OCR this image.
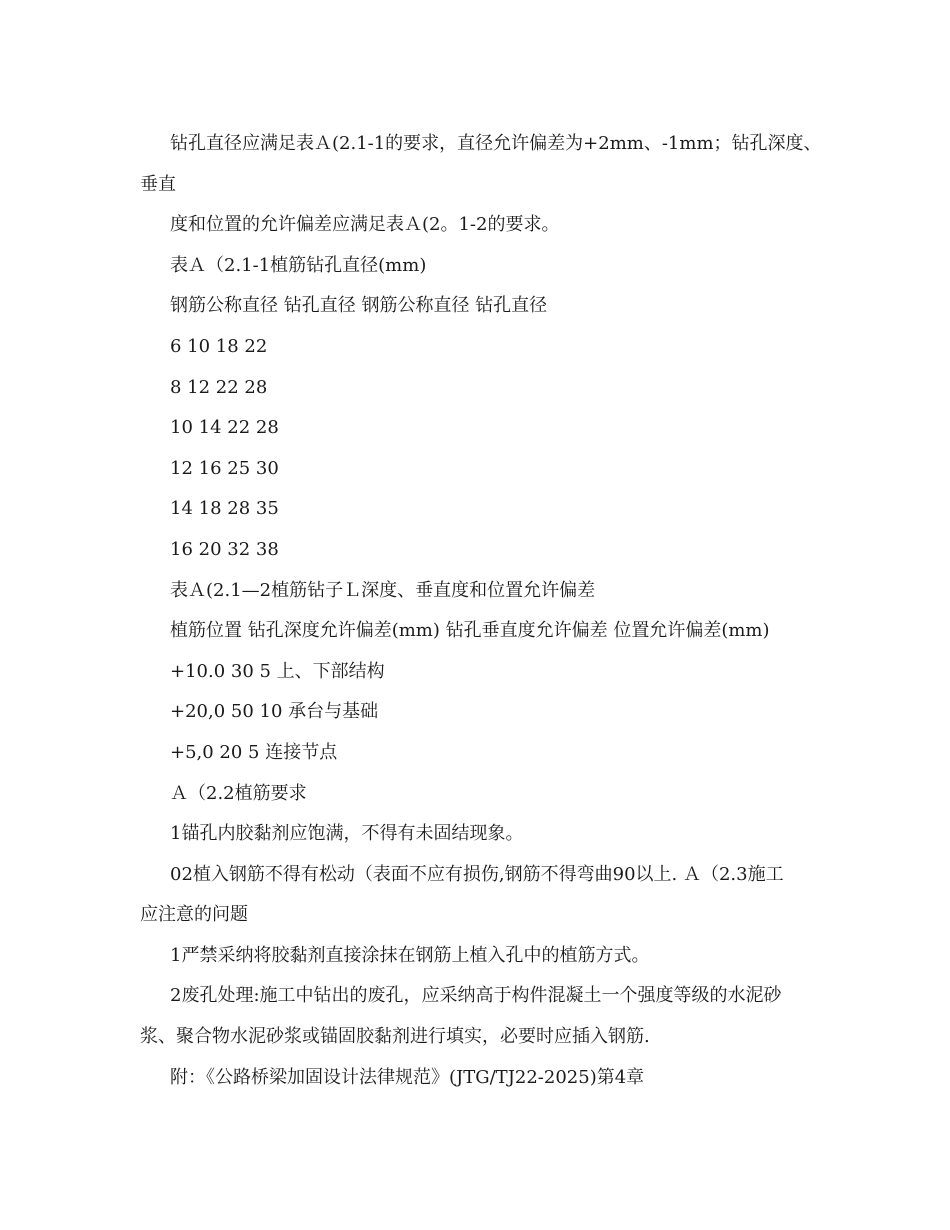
钻孔直径应满足表Ａ(2.1-1的要求，直径允许偏差为+2mm、-1mm；钻孔深度、
垂直
度和位置的允许偏差应满足表Ａ(2。1-2的要求。
表Ａ（2.1-1植筋钻孔直径(mm)
钢筋公称直径 钻孔直径 钢筋公称直径 钻孔直径
6 10 18 22
8 12 22 28
10 14 22 28
12 16 25 30
14 18 28 35
16 20 32 38
表Ａ(2.1—2植筋钻子Ｌ深度、垂直度和位置允许偏差
植筋位置 钻孔深度允许偏差(mm) 钻孔垂直度允许偏差 位置允许偏差(mm)
+10.0 30 5 上、下部结构
+20,0 50 10 承台与基础
+5,0 20 5 连接节点
Ａ（2.2植筋要求
1锚孔内胶黏剂应饱满，不得有未固结现象。
02植入钢筋不得有松动（表面不应有损伤,钢筋不得弯曲90以上. Ａ（2.3施工
应注意的问题
1严禁采纳将胶黏剂直接涂抹在钢筋上植入孔中的植筋方式。
2废孔处理:施工中钻出的废孔，应采纳高于构件混凝土一个强度等级的水泥砂
浆、聚合物水泥砂浆或锚固胶黏剂进行填实，必要时应插入钢筋.
附：《公路桥梁加固设计法律规范》(JTG/TJ22-2025)第4章
